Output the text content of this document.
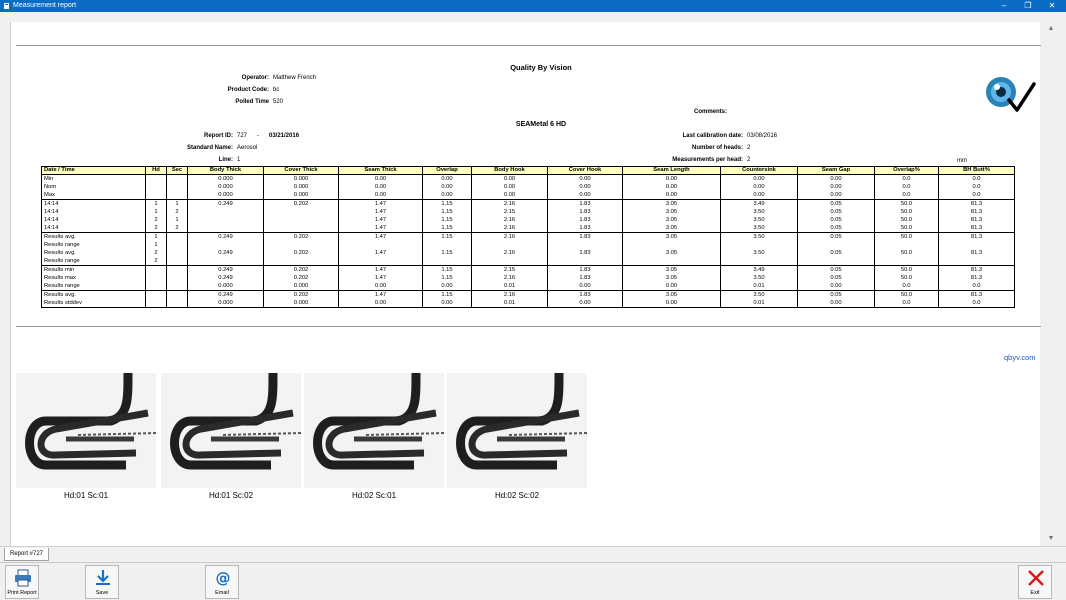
Measurement report	–	❐	✕
Quality By Vision
Operator: Matthew French
Product Code: bc
Polled Time 520
Comments:
SEAMetal 6 HD
Report ID: 727 - 03/21/2016
Standard Name: Aerosol
Line: 1
Last calibration date: 03/08/2016
Number of heads: 2
Measurements per head: 2	mm
Date / Time	Hd	Sec	Body Thick	Cover Thick	Seam Thick	Overlap	Body Hook	Cover Hook	Seam Length	Countersink	Seam Gap	Overlap%	BH Butt%
Min			0.000	0.000	0.00	0.00	0.00	0.00	0.00	0.00	0.00	0.0	0.0
Nom			0.000	0.000	0.00	0.00	0.00	0.00	0.00	0.00	0.00	0.0	0.0
Max			0.000	0.000	0.00	0.00	0.00	0.00	0.00	0.00	0.00	0.0	0.0
14:14	1	1	0.249	0.202	1.47	1.15	2.16	1.83	3.05	3.49	0.05	50.0	81.3
14:14	1	2			1.47	1.15	2.15	1.83	3.05	3.50	0.05	50.0	81.3
14:14	2	1			1.47	1.15	2.16	1.83	3.05	3.50	0.05	50.0	81.3
14:14	2	2			1.47	1.15	2.16	1.83	3.05	3.50	0.05	50.0	81.3
Results avg.	1		0.249	0.202	1.47	1.15	2.16	1.83	3.05	3.50	0.05	50.0	81.3
Results range	1												
Results avg.	2		0.249	0.202	1.47	1.15	2.16	1.83	3.05	3.50	0.05	50.0	81.3
Results range	2												
Results min			0.249	0.202	1.47	1.15	2.15	1.83	3.05	3.49	0.05	50.0	81.3
Results max			0.249	0.202	1.47	1.15	2.16	1.83	3.05	3.50	0.05	50.0	81.3
Results range			0.000	0.000	0.00	0.00	0.01	0.00	0.00	0.01	0.00	0.0	0.0
Results avg.			0.249	0.202	1.47	1.15	2.16	1.83	3.05	3.50	0.05	50.0	81.3
Results stddev			0.000	0.000	0.00	0.00	0.01	0.00	0.00	0.01	0.00	0.0	0.0
qbyv.com
Hd:01 Sc:01	Hd:01 Sc:02	Hd:02 Sc:01	Hd:02 Sc:02
▲
▼
Report #727
Print Report	Save
@
Email	Exit
